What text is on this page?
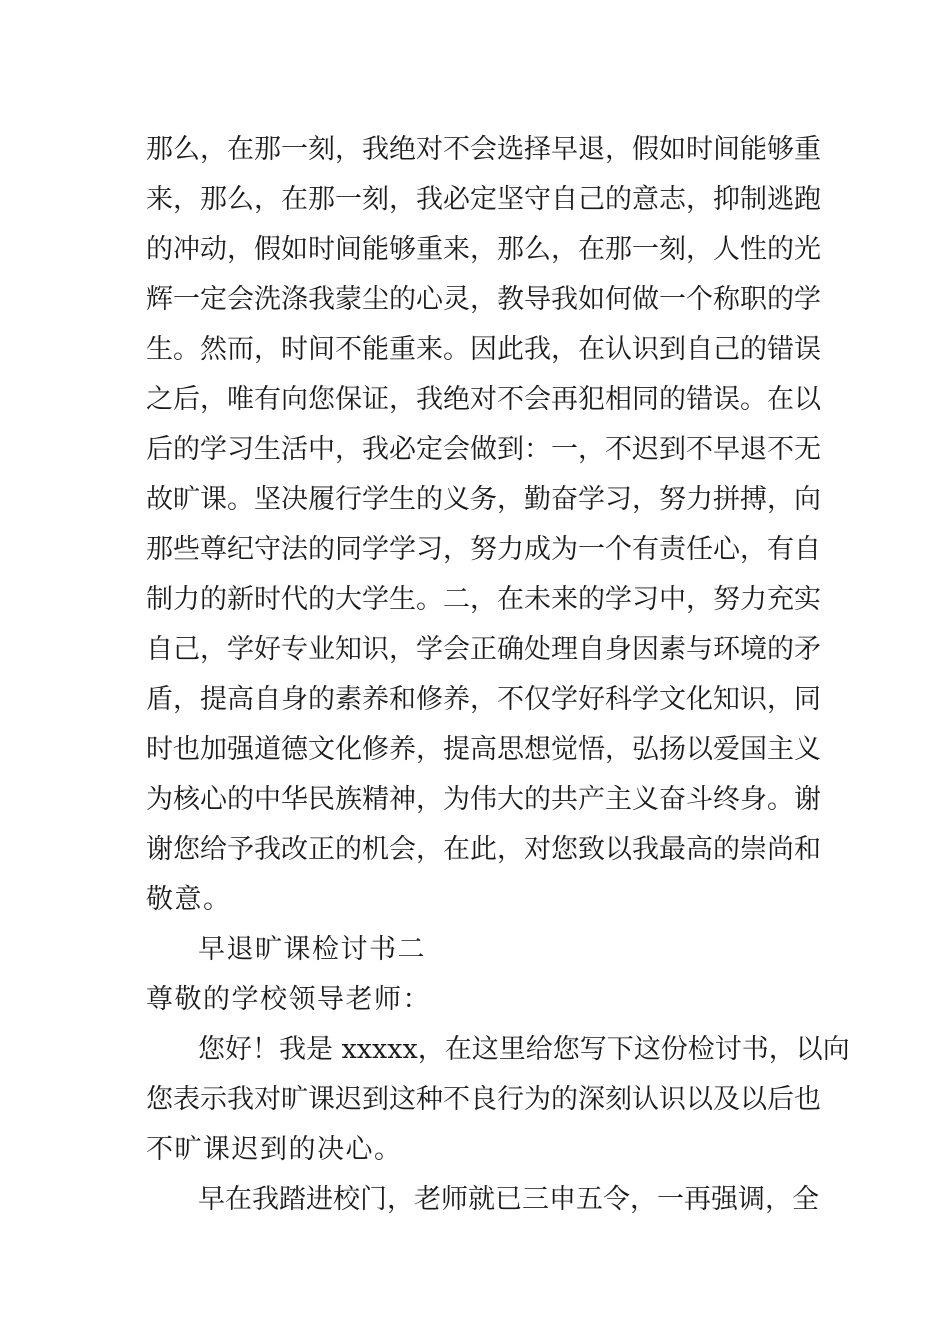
那么，在那一刻，我绝对不会选择早退，假如时间能够重
来，那么，在那一刻，我必定坚守自己的意志，抑制逃跑
的冲动，假如时间能够重来，那么，在那一刻，人性的光
辉一定会洗涤我蒙尘的心灵，教导我如何做一个称职的学
生。然而，时间不能重来。因此我，在认识到自己的错误
之后，唯有向您保证，我绝对不会再犯相同的错误。在以
后的学习生活中，我必定会做到：一，不迟到不早退不无
故旷课。坚决履行学生的义务，勤奋学习，努力拼搏，向
那些尊纪守法的同学学习，努力成为一个有责任心，有自
制力的新时代的大学生。二，在未来的学习中，努力充实
自己，学好专业知识，学会正确处理自身因素与环境的矛
盾，提高自身的素养和修养，不仅学好科学文化知识，同
时也加强道德文化修养，提高思想觉悟，弘扬以爱国主义
为核心的中华民族精神，为伟大的共产主义奋斗终身。谢
谢您给予我改正的机会，在此，对您致以我最高的崇尚和
敬意。
早退旷课检讨书二
尊敬的学校领导老师：
您好！我是 xxxxx，在这里给您写下这份检讨书，以向
您表示我对旷课迟到这种不良行为的深刻认识以及以后也
不旷课迟到的决心。
早在我踏进校门，老师就已三申五令，一再强调，全
